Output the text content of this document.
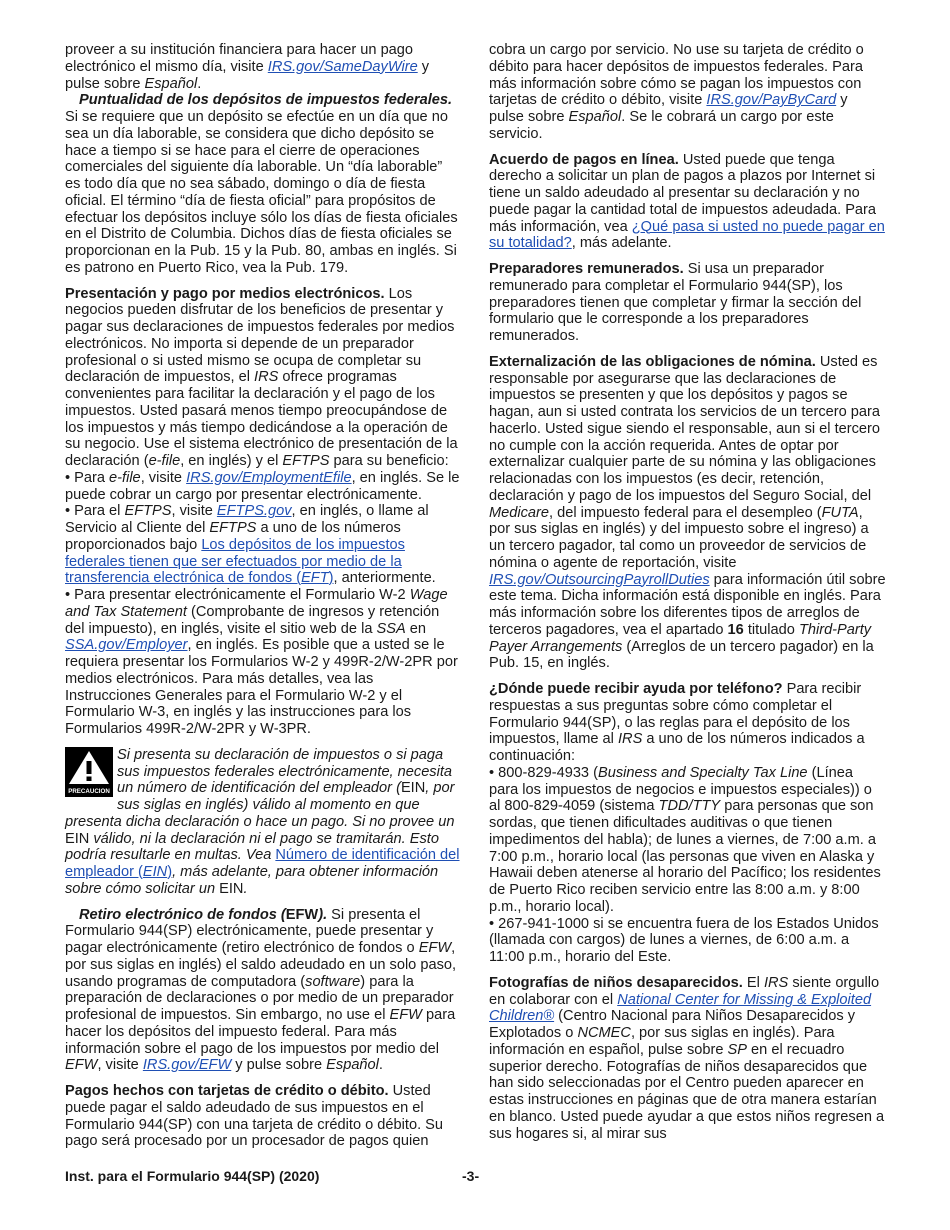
proveer a su institución financiera para hacer un pago electrónico el mismo día, visite IRS.gov/SameDayWire y pulse sobre Español.

Puntualidad de los depósitos de impuestos federales. Si se requiere que un depósito se efectúe en un día que no sea un día laborable, se considera que dicho depósito se hace a tiempo si se hace para el cierre de operaciones comerciales del siguiente día laborable. Un “día laborable” es todo día que no sea sábado, domingo o día de fiesta oficial. El término “día de fiesta oficial” para propósitos de efectuar los depósitos incluye sólo los días de fiesta oficiales en el Distrito de Columbia. Dichos días de fiesta oficiales se proporcionan en la Pub. 15 y la Pub. 80, ambas en inglés. Si es patrono en Puerto Rico, vea la Pub. 179.

Presentación y pago por medios electrónicos. Los negocios pueden disfrutar de los beneficios de presentar y pagar sus declaraciones de impuestos federales por medios electrónicos. No importa si depende de un preparador profesional o si usted mismo se ocupa de completar su declaración de impuestos, el IRS ofrece programas convenientes para facilitar la declaración y el pago de los impuestos. Usted pasará menos tiempo preocupándose de los impuestos y más tiempo dedicándose a la operación de su negocio. Use el sistema electrónico de presentación de la declaración (e-file, en inglés) y el EFTPS para su beneficio:

• Para e-file, visite IRS.gov/EmploymentEfile, en inglés. Se le puede cobrar un cargo por presentar electrónicamente.

• Para el EFTPS, visite EFTPS.gov, en inglés, o llame al Servicio al Cliente del EFTPS a uno de los números proporcionados bajo Los depósitos de los impuestos federales tienen que ser efectuados por medio de la transferencia electrónica de fondos (EFT), anteriormente.

• Para presentar electrónicamente el Formulario W-2 Wage and Tax Statement (Comprobante de ingresos y retención del impuesto), en inglés, visite el sitio web de la SSA en SSA.gov/Employer, en inglés. Es posible que a usted se le requiera presentar los Formularios W-2 y 499R-2/W-2PR por medios electrónicos. Para más detalles, vea las Instrucciones Generales para el Formulario W-2 y el Formulario W-3, en inglés y las instrucciones para los Formularios 499R-2/W-2PR y W-3PR.

PRECAUCION

Si presenta su declaración de impuestos o si paga sus impuestos federales electrónicamente, necesita un número de identificación del empleador (EIN, por sus siglas en inglés) válido al momento en que presenta dicha declaración o hace un pago. Si no provee un EIN válido, ni la declaración ni el pago se tramitarán. Esto podría resultarle en multas. Vea Número de identificación del empleador (EIN), más adelante, para obtener información sobre cómo solicitar un EIN.

Retiro electrónico de fondos (EFW). Si presenta el Formulario 944(SP) electrónicamente, puede presentar y pagar electrónicamente (retiro electrónico de fondos o EFW, por sus siglas en inglés) el saldo adeudado en un solo paso, usando programas de computadora (software) para la preparación de declaraciones o por medio de un preparador profesional de impuestos. Sin embargo, no use el EFW para hacer los depósitos del impuesto federal. Para más información sobre el pago de los impuestos por medio del EFW, visite IRS.gov/EFW y pulse sobre Español.

Pagos hechos con tarjetas de crédito o débito. Usted puede pagar el saldo adeudado de sus impuestos en el Formulario 944(SP) con una tarjeta de crédito o débito. Su pago será procesado por un procesador de pagos quien

cobra un cargo por servicio. No use su tarjeta de crédito o débito para hacer depósitos de impuestos federales. Para más información sobre cómo se pagan los impuestos con tarjetas de crédito o débito, visite IRS.gov/PayByCard y pulse sobre Español. Se le cobrará un cargo por este servicio.

Acuerdo de pagos en línea. Usted puede que tenga derecho a solicitar un plan de pagos a plazos por Internet si tiene un saldo adeudado al presentar su declaración y no puede pagar la cantidad total de impuestos adeudada. Para más información, vea ¿Qué pasa si usted no puede pagar en su totalidad?, más adelante.

Preparadores remunerados. Si usa un preparador remunerado para completar el Formulario 944(SP), los preparadores tienen que completar y firmar la sección del formulario que le corresponde a los preparadores remunerados.

Externalización de las obligaciones de nómina. Usted es responsable por asegurarse que las declaraciones de impuestos se presenten y que los depósitos y pagos se hagan, aun si usted contrata los servicios de un tercero para hacerlo. Usted sigue siendo el responsable, aun si el tercero no cumple con la acción requerida. Antes de optar por externalizar cualquier parte de su nómina y las obligaciones relacionadas con los impuestos (es decir, retención, declaración y pago de los impuestos del Seguro Social, del Medicare, del impuesto federal para el desempleo (FUTA, por sus siglas en inglés) y del impuesto sobre el ingreso) a un tercero pagador, tal como un proveedor de servicios de nómina o agente de reportación, visite IRS.gov/OutsourcingPayrollDuties para información útil sobre este tema. Dicha información está disponible en inglés. Para más información sobre los diferentes tipos de arreglos de terceros pagadores, vea el apartado 16 titulado Third-Party Payer Arrangements (Arreglos de un tercero pagador) en la Pub. 15, en inglés.

¿Dónde puede recibir ayuda por teléfono? Para recibir respuestas a sus preguntas sobre cómo completar el Formulario 944(SP), o las reglas para el depósito de los impuestos, llame al IRS a uno de los números indicados a continuación:

• 800-829-4933 (Business and Specialty Tax Line (Línea para los impuestos de negocios e impuestos especiales)) o al 800-829-4059 (sistema TDD/TTY para personas que son sordas, que tienen dificultades auditivas o que tienen impedimentos del habla); de lunes a viernes, de 7:00 a.m. a 7:00 p.m., horario local (las personas que viven en Alaska y Hawaii deben atenerse al horario del Pacífico; los residentes de Puerto Rico reciben servicio entre las 8:00 a.m. y 8:00 p.m., horario local).

• 267-941-1000 si se encuentra fuera de los Estados Unidos (llamada con cargos) de lunes a viernes, de 6:00 a.m. a 11:00 p.m., horario del Este.

Fotografías de niños desaparecidos. El IRS siente orgullo en colaborar con el National Center for Missing & Exploited Children® (Centro Nacional para Niños Desaparecidos y Explotados o NCMEC, por sus siglas en inglés). Para información en español, pulse sobre SP en el recuadro superior derecho. Fotografías de niños desaparecidos que han sido seleccionadas por el Centro pueden aparecer en estas instrucciones en páginas que de otra manera estarían en blanco. Usted puede ayudar a que estos niños regresen a sus hogares si, al mirar sus

Inst. para el Formulario 944(SP) (2020)	-3-
